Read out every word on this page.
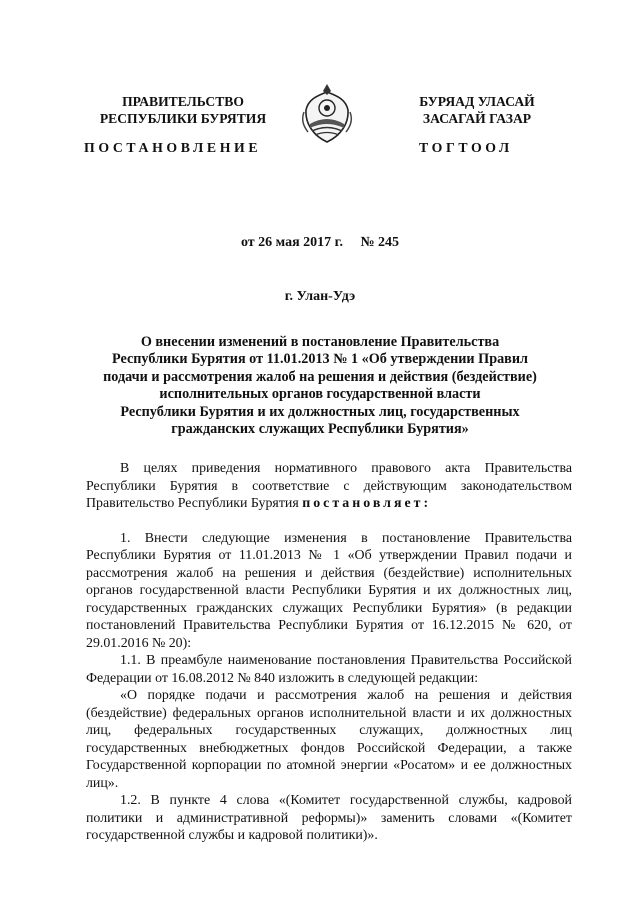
ПРАВИТЕЛЬСТВО
РЕСПУБЛИКИ БУРЯТИЯ
БУРЯАД УЛАСАЙ
ЗАСАГАЙ ГАЗАР
ПОСТАНОВЛЕНИЕ	ТОГТООЛ
от 26 мая 2017 г. № 245
г. Улан-Удэ
О внесении изменений в постановление Правительства
Республики Бурятия от 11.01.2013 № 1 «Об утверждении Правил
подачи и рассмотрения жалоб на решения и действия (бездействие)
исполнительных органов государственной власти
Республики Бурятия и их должностных лиц, государственных
гражданских служащих Республики Бурятия»

В целях приведения нормативного правового акта Правительства Республики Бурятия в соответствие с действующим законодательством Правительство Республики Бурятия постановляет:

1. Внести следующие изменения в постановление Правительства Республики Бурятия от 11.01.2013 № 1 «Об утверждении Правил подачи и рассмотрения жалоб на решения и действия (бездействие) исполнительных органов государственной власти Республики Бурятия и их должностных лиц, государственных гражданских служащих Республики Бурятия» (в редакции постановлений Правительства Республики Бурятия от 16.12.2015 № 620, от 29.01.2016 № 20):

1.1. В преамбуле наименование постановления Правительства Российской Федерации от 16.08.2012 № 840 изложить в следующей редакции:

«О порядке подачи и рассмотрения жалоб на решения и действия (бездействие) федеральных органов исполнительной власти и их должностных лиц, федеральных государственных служащих, должностных лиц государственных внебюджетных фондов Российской Федерации, а также Государственной корпорации по атомной энергии «Росатом» и ее должностных лиц».

1.2. В пункте 4 слова «(Комитет государственной службы, кадровой политики и административной реформы)» заменить словами «(Комитет государственной службы и кадровой политики)».
